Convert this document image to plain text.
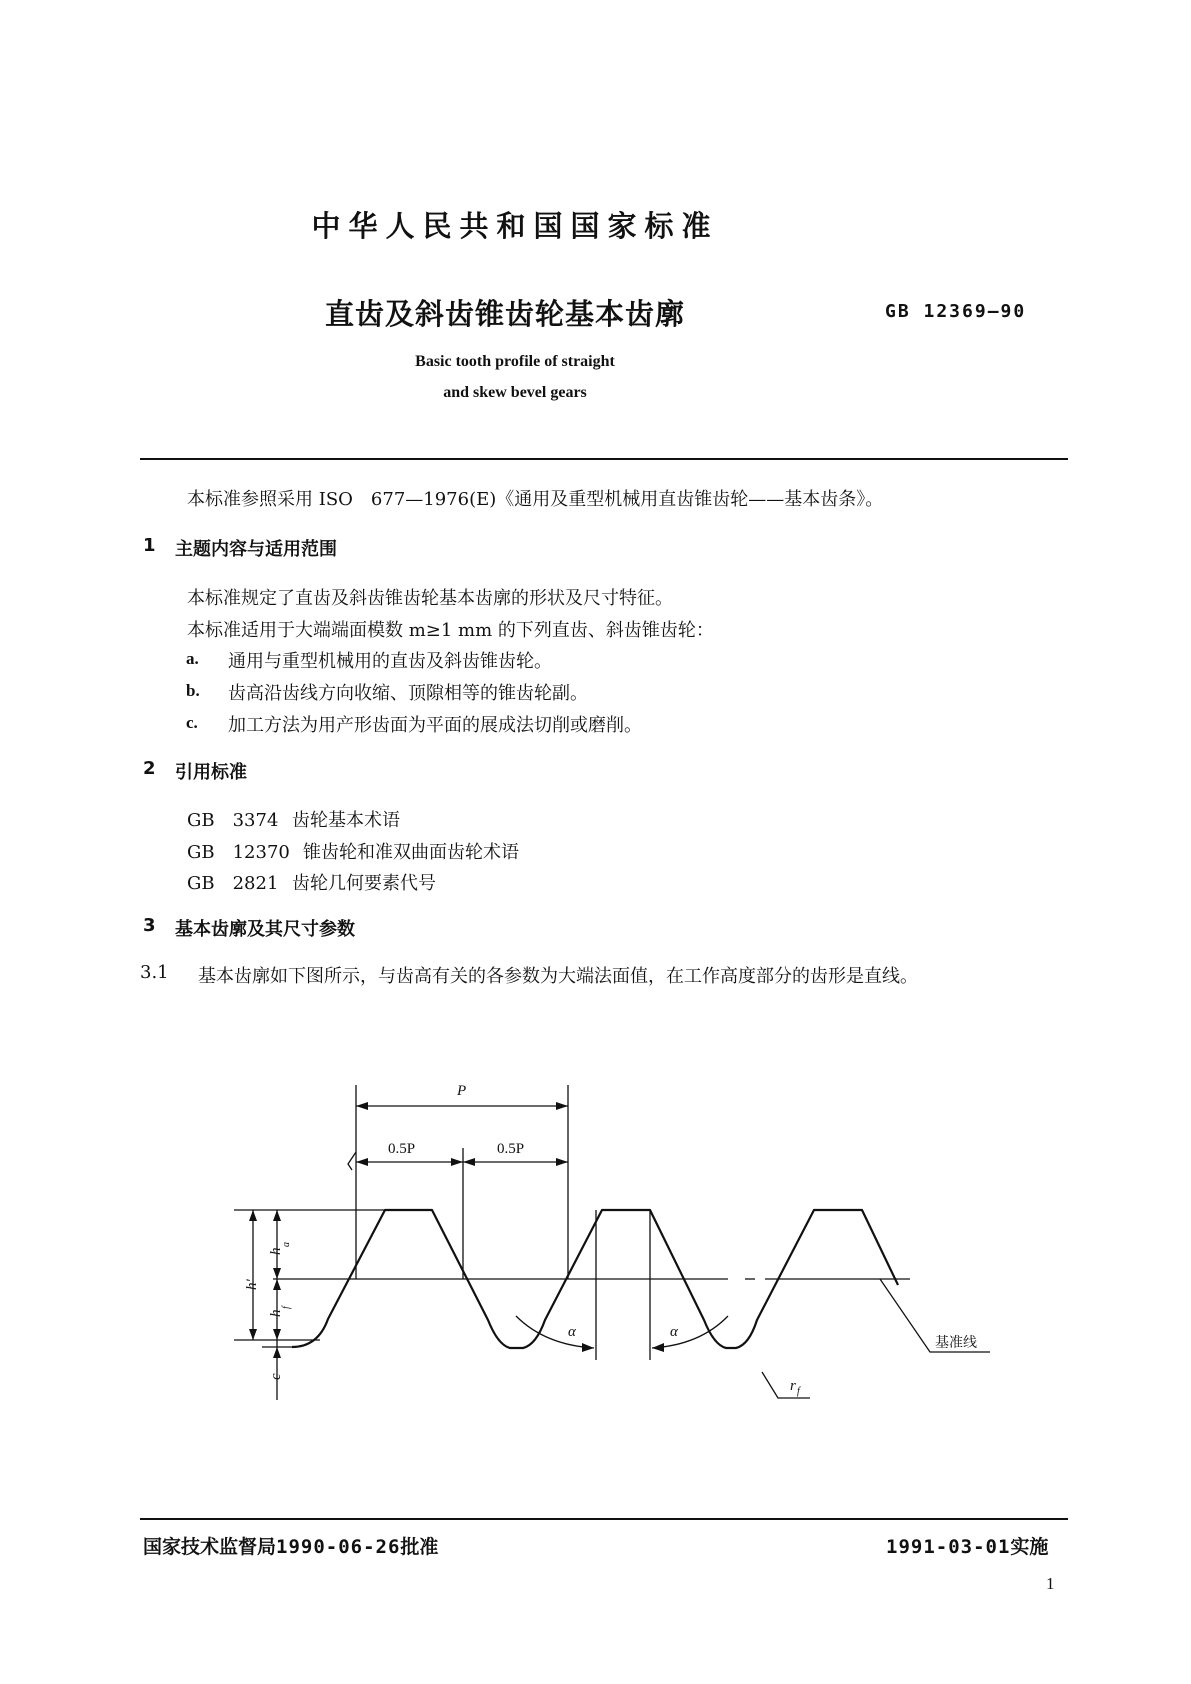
中华人民共和国国家标准
直齿及斜齿锥齿轮基本齿廓	GB 12369—90
Basic tooth profile of straight
and skew bevel gears
本标准参照采用 ISO　677—1976(E)《通用及重型机械用直齿锥齿轮——基本齿条》。
1 主题内容与适用范围
本标准规定了直齿及斜齿锥齿轮基本齿廓的形状及尺寸特征。
本标准适用于大端端面模数 m≥1 mm 的下列直齿、斜齿锥齿轮：
a. 通用与重型机械用的直齿及斜齿锥齿轮。
b. 齿高沿齿线方向收缩、顶隙相等的锥齿轮副。
c. 加工方法为用产形齿面为平面的展成法切削或磨削。
2 引用标准
GB　3374 齿轮基本术语
GB　12370 锥齿轮和准双曲面齿轮术语
GB　2821 齿轮几何要素代号
3 基本齿廓及其尺寸参数
3.1 基本齿廓如下图所示，与齿高有关的各参数为大端法面值，在工作高度部分的齿形是直线。
P
0.5P	0.5P
h
a
h
f
h'
c
α	α
r f
基准线
国家技术监督局1990-06-26批准	1991-03-01实施
1
